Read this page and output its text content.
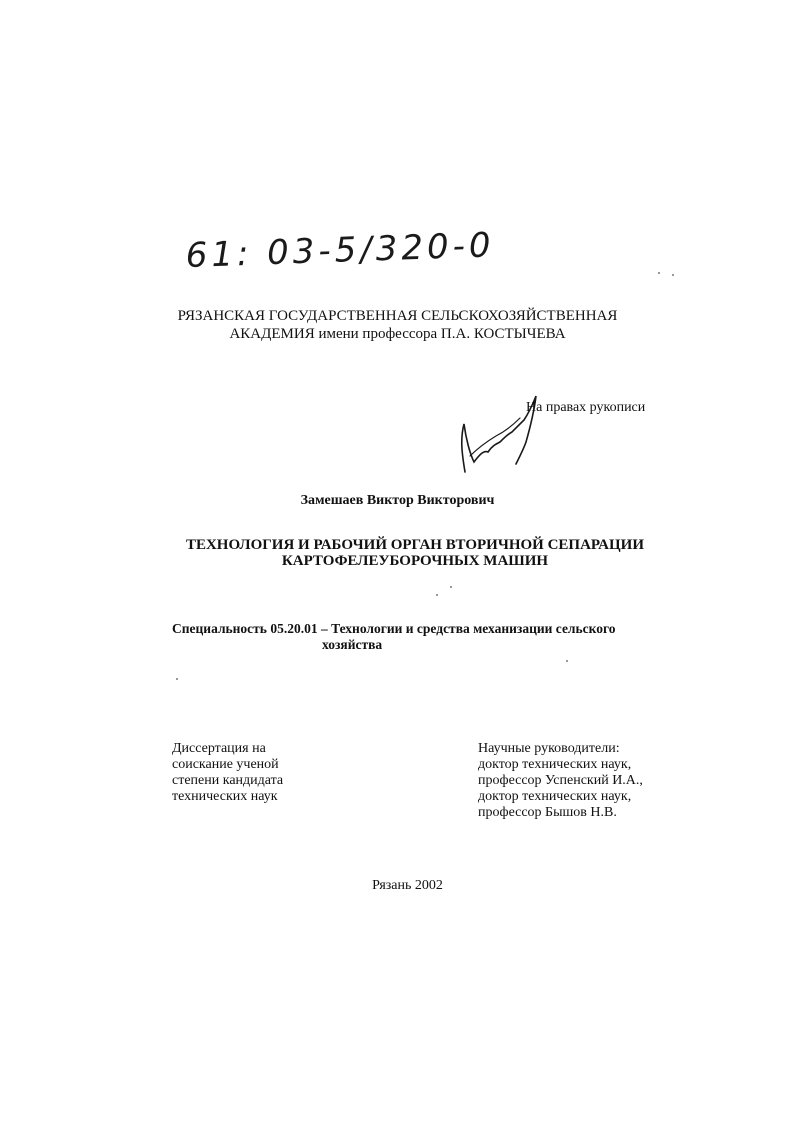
61: 03-5/320-0
РЯЗАНСКАЯ ГОСУДАРСТВЕННАЯ СЕЛЬСКОХОЗЯЙСТВЕННАЯ
АКАДЕМИЯ имени профессора П.А. КОСТЫЧЕВА
На правах рукописи
Замешаев Виктор Викторович
ТЕХНОЛОГИЯ И РАБОЧИЙ ОРГАН ВТОРИЧНОЙ СЕПАРАЦИИ
КАРТОФЕЛЕУБОРОЧНЫХ МАШИН
Специальность 05.20.01 – Технологии и средства механизации сельского
хозяйства
Диссертация на
соискание ученой
степени кандидата
технических наук
Научные руководители:
доктор технических наук,
профессор Успенский И.А.,
доктор технических наук,
профессор Бышов Н.В.
Рязань 2002
